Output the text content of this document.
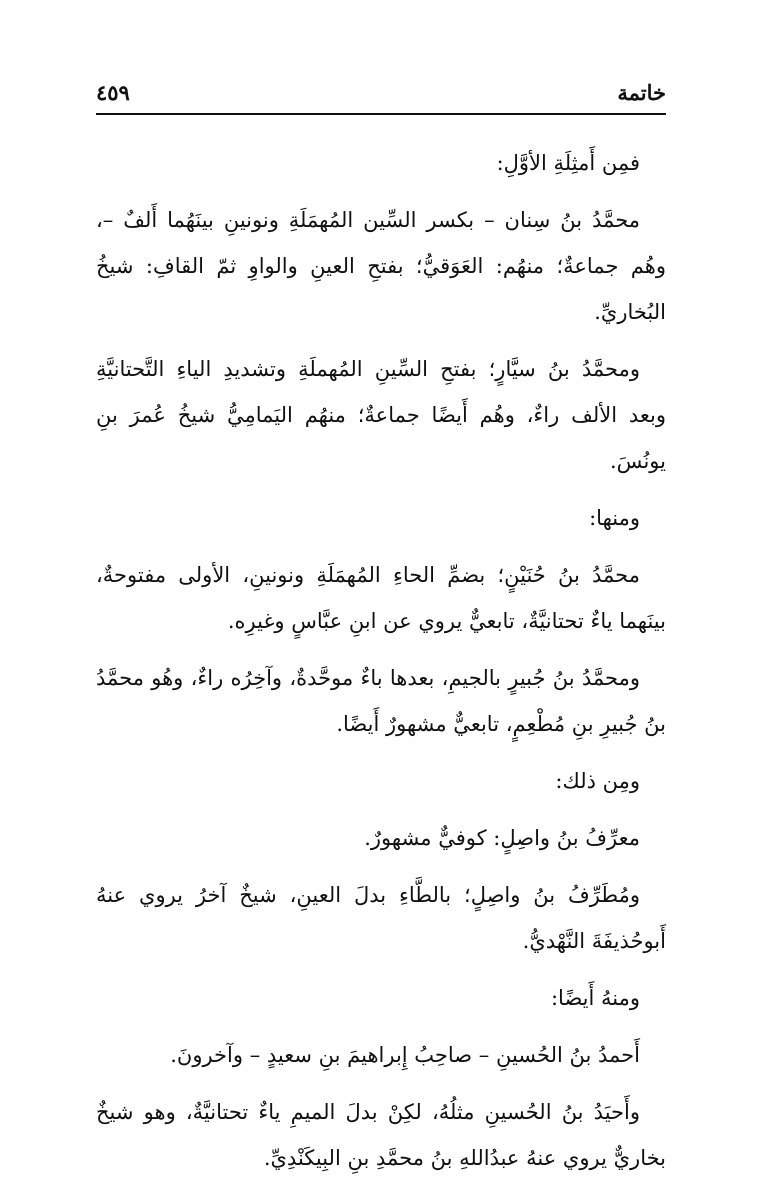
خاتمة
٤٥٩

فمِن أَمثِلَةِ الأوَّلِ:

محمَّدُ بنُ سِنان – بكسر السِّين المُهمَلَةِ ونونينِ بينَهُما أَلفٌ –، وهُم جماعةٌ؛ منهُم: العَوَقيُّ؛ بفتحِ العينِ والواوِ ثمّ القافِ: شيخُ البُخاريِّ.

ومحمَّدُ بنُ سيَّارٍ؛ بفتحِ السِّينِ المُهملَةِ وتشديدِ الياءِ التَّحتانيَّةِ وبعد الألف راءٌ، وهُم أَيضًا جماعةٌ؛ منهُم اليَمامِيُّ شيخُ عُمرَ بنِ يونُسَ.

ومنها:

محمَّدُ بنُ حُنَيْنٍ؛ بضمِّ الحاءِ المُهمَلَةِ ونونينِ، الأولى مفتوحةٌ، بينَهما ياءٌ تحتانيَّةٌ، تابعيٌّ يروي عن ابنِ عبَّاسٍ وغيرِه.

ومحمَّدُ بنُ جُبيرٍ بالجيمِ، بعدها باءٌ موحَّدةٌ، وآخِرُه راءٌ، وهُو محمَّدُ بنُ جُبيرِ بنِ مُطْعِمٍ، تابعيٌّ مشهورٌ أَيضًا.

ومِن ذلك:

معرِّفُ بنُ واصِلٍ: كوفيٌّ مشهورٌ.

ومُطَرِّفُ بنُ واصِلٍ؛ بالطَّاءِ بدلَ العينِ، شيخٌ آخرُ يروي عنهُ أَبوحُذيفَةَ النَّهْديُّ.

ومنهُ أَيضًا:

أَحمدُ بنُ الحُسينِ – صاحِبُ إِبراهيمَ بنِ سعيدٍ – وآخرونَ.

وأَحيَدُ بنُ الحُسينِ مثلُهُ، لكِنْ بدلَ الميمِ ياءٌ تحتانيَّةٌ، وهو شيخٌ بخاريٌّ يروي عنهُ عبدُاللهِ بنُ محمَّدِ بنِ البِيكَنْدِيِّ.
